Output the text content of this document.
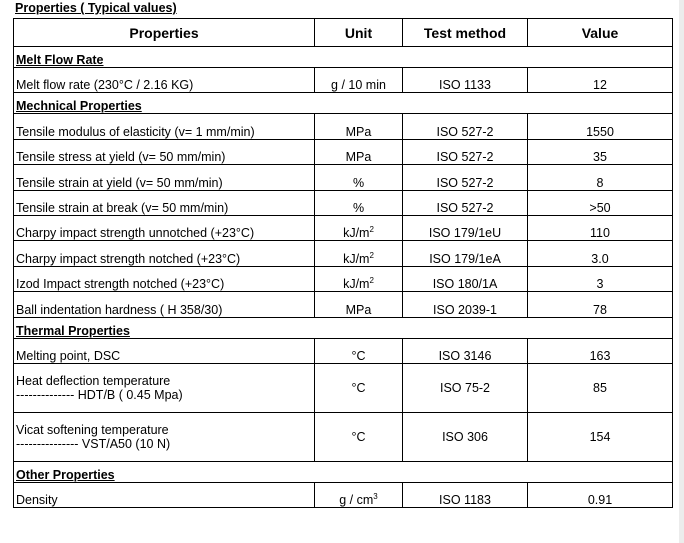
Properties ( Typical values)
Properties	Unit	Test method	Value
Melt Flow Rate			

Melt flow rate (230°C / 2.16 KG)	g / 10 min	ISO 1133	12
Mechnical Properties			

Tensile modulus of elasticity (v= 1 mm/min)	MPa	ISO 527-2	1550

Tensile stress at yield (v= 50 mm/min)	MPa	ISO 527-2	35

Tensile strain at yield (v= 50 mm/min)	%	ISO 527-2	8

Tensile strain at break (v= 50 mm/min)	%	ISO 527-2	>50

Charpy impact strength unnotched (+23°C)	$kJ/m^2$	ISO 179/1eU	110

Charpy impact strength notched (+23°C)	$kJ/m^2$	ISO 179/1eA	3.0

Izod Impact strength notched (+23°C)	$kJ/m^2$	ISO 180/1A	3

Ball indentation hardness ( H 358/30)	MPa	ISO 2039-1	78
Thermal Properties			

Melting point, DSC	°C	ISO 3146	163

Heat deflection temperature
-------------- HDT/B ( 0.45 Mpa)	°C	ISO 75-2	85

Vicat softening temperature
--------------- VST/A50 (10 N)	°C	ISO 306	154
Other Properties			

Density	g / $cm^3$	ISO 1183	0.91
